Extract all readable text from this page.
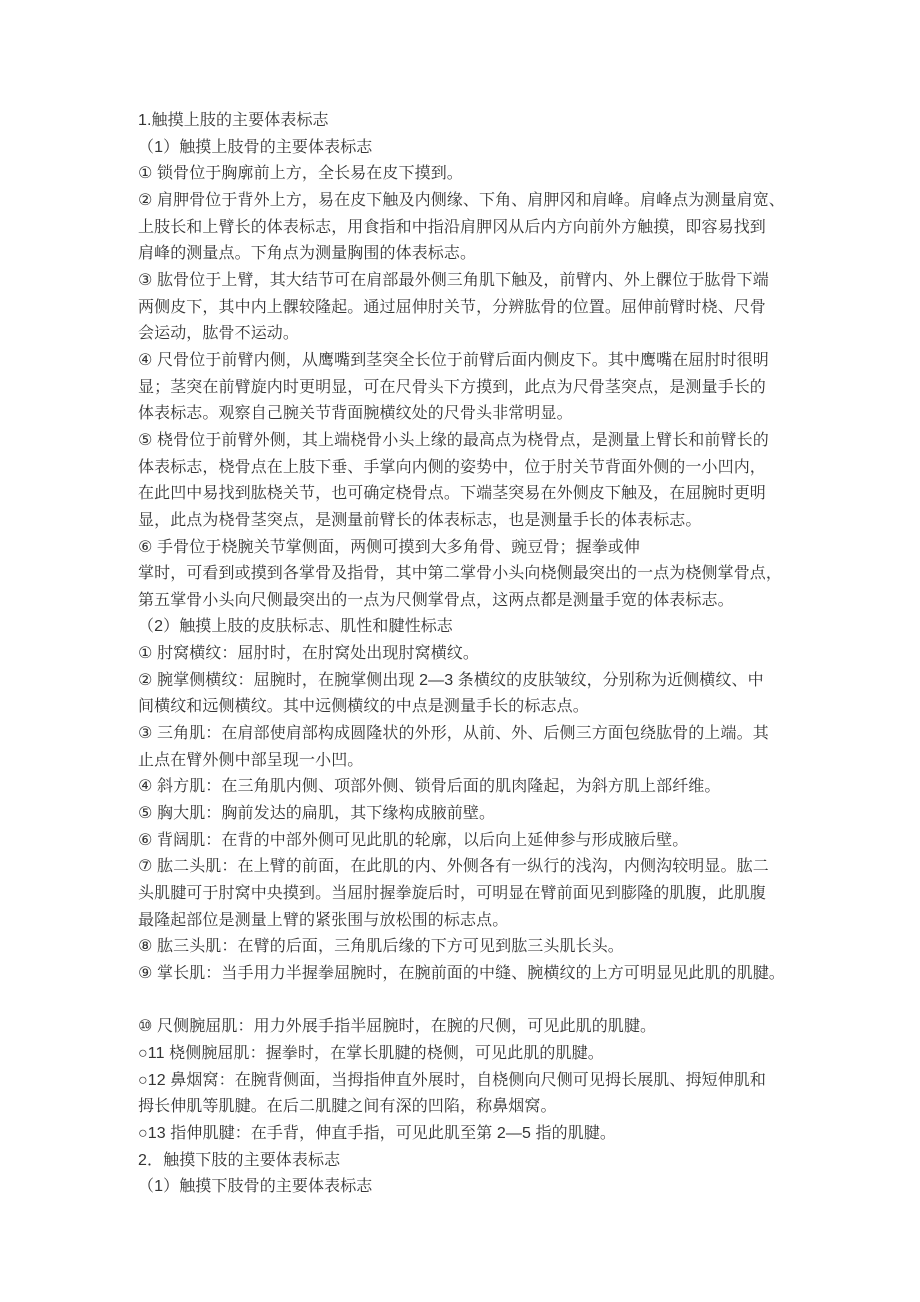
1.触摸上肢的主要体表标志
（1）触摸上肢骨的主要体表标志
① 锁骨位于胸廓前上方，全长易在皮下摸到。
② 肩胛骨位于背外上方，易在皮下触及内侧缘、下角、肩胛冈和肩峰。肩峰点为测量肩宽、
上肢长和上臂长的体表标志，用食指和中指沿肩胛冈从后内方向前外方触摸，即容易找到
肩峰的测量点。下角点为测量胸围的体表标志。
③ 肱骨位于上臂，其大结节可在肩部最外侧三角肌下触及，前臂内、外上髁位于肱骨下端
两侧皮下，其中内上髁较隆起。通过屈伸肘关节，分辨肱骨的位置。屈伸前臂时桡、尺骨
会运动，肱骨不运动。
④ 尺骨位于前臂内侧，从鹰嘴到茎突全长位于前臂后面内侧皮下。其中鹰嘴在屈肘时很明
显；茎突在前臂旋内时更明显，可在尺骨头下方摸到，此点为尺骨茎突点，是测量手长的
体表标志。观察自己腕关节背面腕横纹处的尺骨头非常明显。
⑤ 桡骨位于前臂外侧，其上端桡骨小头上缘的最高点为桡骨点，是测量上臂长和前臂长的
体表标志，桡骨点在上肢下垂、手掌向内侧的姿势中，位于肘关节背面外侧的一小凹内，
在此凹中易找到肱桡关节，也可确定桡骨点。下端茎突易在外侧皮下触及，在屈腕时更明
显，此点为桡骨茎突点，是测量前臂长的体表标志，也是测量手长的体表标志。
⑥ 手骨位于桡腕关节掌侧面，两侧可摸到大多角骨、豌豆骨；握拳或伸
掌时，可看到或摸到各掌骨及指骨，其中第二掌骨小头向桡侧最突出的一点为桡侧掌骨点，
第五掌骨小头向尺侧最突出的一点为尺侧掌骨点，这两点都是测量手宽的体表标志。
（2）触摸上肢的皮肤标志、肌性和腱性标志
① 肘窝横纹：屈肘时，在肘窝处出现肘窝横纹。
② 腕掌侧横纹：屈腕时，在腕掌侧出现 2—3 条横纹的皮肤皱纹，分别称为近侧横纹、中
间横纹和远侧横纹。其中远侧横纹的中点是测量手长的标志点。
③ 三角肌：在肩部使肩部构成圆隆状的外形，从前、外、后侧三方面包绕肱骨的上端。其
止点在臂外侧中部呈现一小凹。
④ 斜方肌：在三角肌内侧、项部外侧、锁骨后面的肌肉隆起，为斜方肌上部纤维。
⑤ 胸大肌：胸前发达的扁肌，其下缘构成腋前壁。
⑥ 背阔肌：在背的中部外侧可见此肌的轮廓，以后向上延伸参与形成腋后壁。
⑦ 肱二头肌：在上臂的前面，在此肌的内、外侧各有一纵行的浅沟，内侧沟较明显。肱二
头肌腱可于肘窝中央摸到。当屈肘握拳旋后时，可明显在臂前面见到膨隆的肌腹，此肌腹
最隆起部位是测量上臂的紧张围与放松围的标志点。
⑧ 肱三头肌：在臂的后面，三角肌后缘的下方可见到肱三头肌长头。
⑨ 掌长肌：当手用力半握拳屈腕时，在腕前面的中缝、腕横纹的上方可明显见此肌的肌腱。
⑩ 尺侧腕屈肌：用力外展手指半屈腕时，在腕的尺侧，可见此肌的肌腱。
○11 桡侧腕屈肌：握拳时，在掌长肌腱的桡侧，可见此肌的肌腱。
○12 鼻烟窝：在腕背侧面，当拇指伸直外展时，自桡侧向尺侧可见拇长展肌、拇短伸肌和
拇长伸肌等肌腱。在后二肌腱之间有深的凹陷，称鼻烟窝。
○13 指伸肌腱：在手背，伸直手指，可见此肌至第 2—5 指的肌腱。
2．触摸下肢的主要体表标志
（1）触摸下肢骨的主要体表标志
